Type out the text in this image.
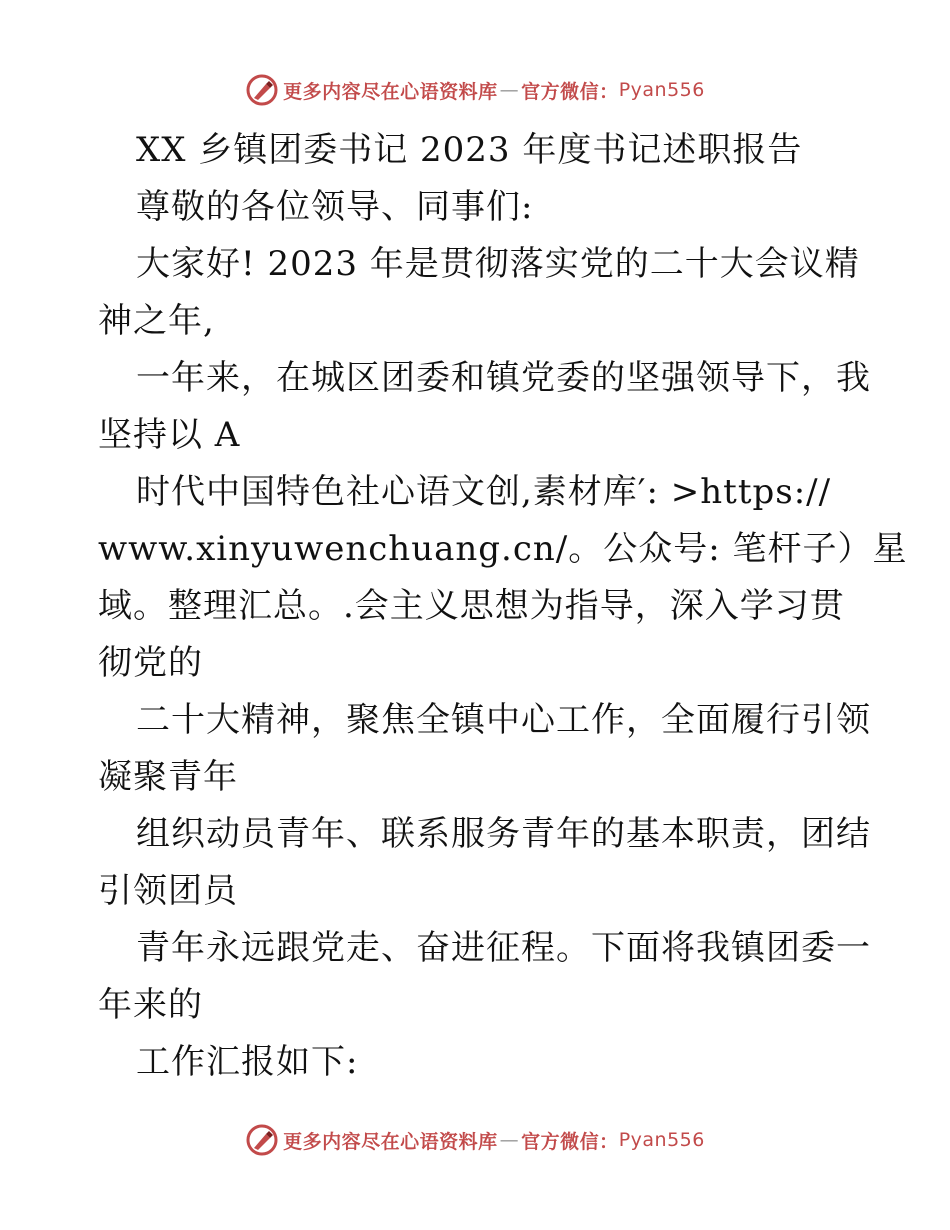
更多内容尽在心语资料库 — 官方微信： Pyan556
XX 乡镇团委书记 2023 年度书记述职报告
尊敬的各位领导、同事们:
大家好! 2023 年是贯彻落实党的二十大会议精
神之年,
一年来，在城区团委和镇党委的坚强领导下，我
坚持以 A
时代中国特色社心语文创,素材库′: >https://
www.xinyuwenchuang.cn/。公众号: 笔杆子）星
域。整理汇总。.会主义思想为指导，深入学习贯
彻党的
二十大精神，聚焦全镇中心工作，全面履行引领
凝聚青年
组织动员青年、联系服务青年的基本职责，团结
引领团员
青年永远跟党走、奋进征程。下面将我镇团委一
年来的
工作汇报如下:
更多内容尽在心语资料库 — 官方微信： Pyan556
